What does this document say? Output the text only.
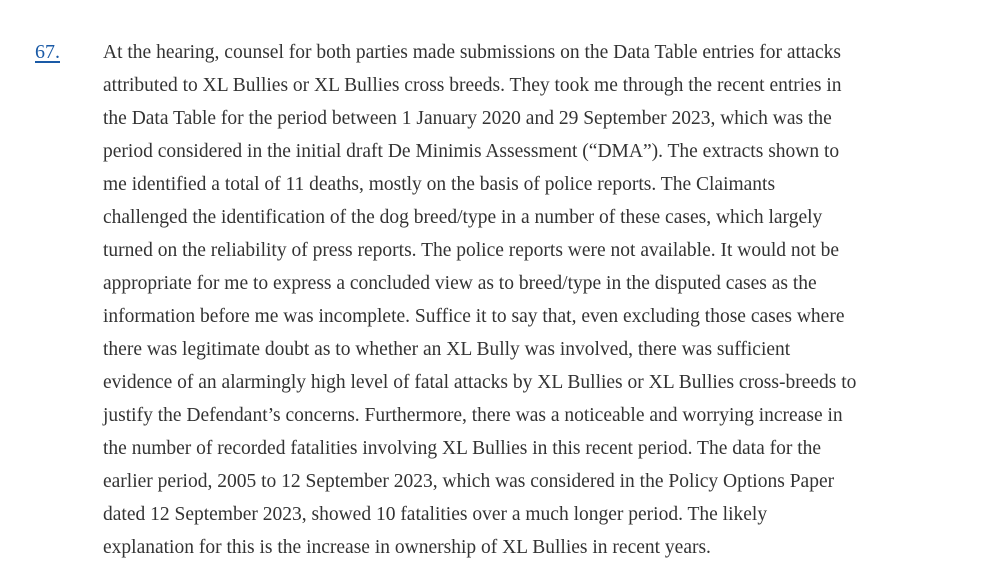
67. At the hearing, counsel for both parties made submissions on the Data Table entries for attacks
attributed to XL Bullies or XL Bullies cross breeds. They took me through the recent entries in
the Data Table for the period between 1 January 2020 and 29 September 2023, which was the
period considered in the initial draft De Minimis Assessment (“DMA”). The extracts shown to
me identified a total of 11 deaths, mostly on the basis of police reports. The Claimants
challenged the identification of the dog breed/type in a number of these cases, which largely
turned on the reliability of press reports. The police reports were not available. It would not be
appropriate for me to express a concluded view as to breed/type in the disputed cases as the
information before me was incomplete. Suffice it to say that, even excluding those cases where
there was legitimate doubt as to whether an XL Bully was involved, there was sufficient
evidence of an alarmingly high level of fatal attacks by XL Bullies or XL Bullies cross-breeds to
justify the Defendant’s concerns. Furthermore, there was a noticeable and worrying increase in
the number of recorded fatalities involving XL Bullies in this recent period. The data for the
earlier period, 2005 to 12 September 2023, which was considered in the Policy Options Paper
dated 12 September 2023, showed 10 fatalities over a much longer period. The likely
explanation for this is the increase in ownership of XL Bullies in recent years.
